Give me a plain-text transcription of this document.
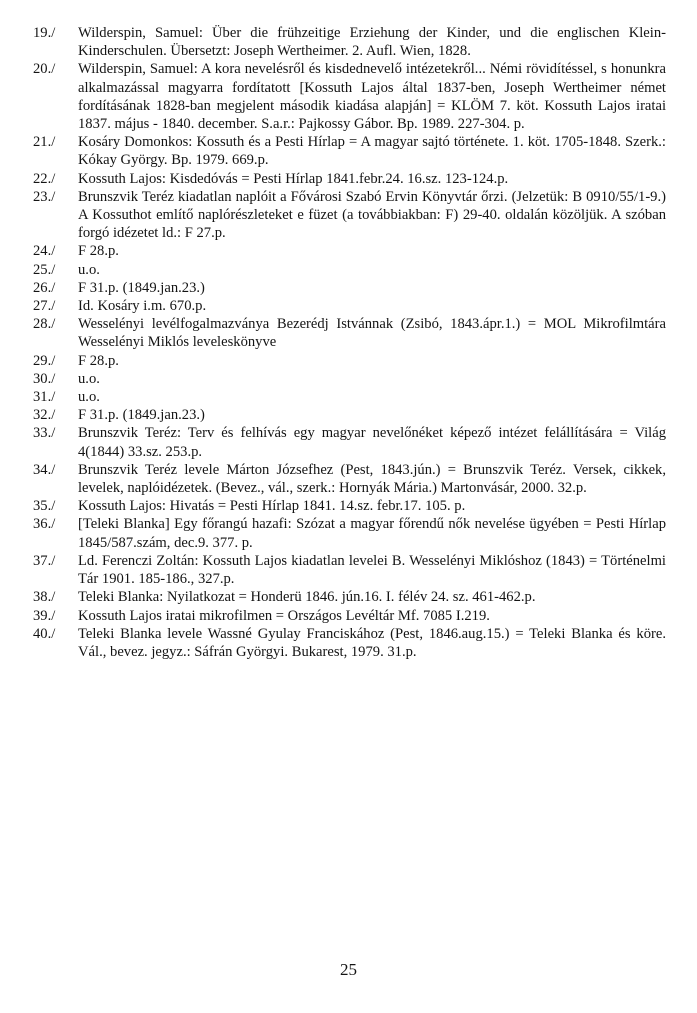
19./ Wilderspin, Samuel: Über die frühzeitige Erziehung der Kinder, und die englischen Klein-Kinderschulen. Übersetzt: Joseph Wertheimer. 2. Aufl. Wien, 1828.
20./ Wilderspin, Samuel: A kora nevelésről és kisdednevelő intézetekről... Némi rövidítéssel, s honunkra alkalmazással magyarra fordítatott [Kossuth Lajos által 1837-ben, Joseph Wertheimer német fordításának 1828-ban megjelent második kiadása alapján] = KLÖM 7. köt. Kossuth Lajos iratai 1837. május - 1840. december. S.a.r.: Pajkossy Gábor. Bp. 1989. 227-304. p.
21./ Kosáry Domonkos: Kossuth és a Pesti Hírlap = A magyar sajtó története. 1. köt. 1705-1848. Szerk.: Kókay György. Bp. 1979. 669.p.
22./ Kossuth Lajos: Kisdedóvás = Pesti Hírlap 1841.febr.24. 16.sz. 123-124.p.
23./ Brunszvik Teréz kiadatlan naplóit a Fővárosi Szabó Ervin Könyvtár őrzi. (Jelzetük: B 0910/55/1-9.) A Kossuthot említő naplórészleteket e füzet (a továbbiakban: F) 29-40. oldalán közöljük. A szóban forgó idézetet ld.: F 27.p.
24./ F 28.p.
25./ u.o.
26./ F 31.p. (1849.jan.23.)
27./ Id. Kosáry i.m. 670.p.
28./ Wesselényi levélfogalmazványa Bezerédj Istvánnak (Zsibó, 1843.ápr.1.) = MOL Mikrofilmtára Wesselényi Miklós leveleskönyve
29./ F 28.p.
30./ u.o.
31./ u.o.
32./ F 31.p. (1849.jan.23.)
33./ Brunszvik Teréz: Terv és felhívás egy magyar nevelőnéket képező intézet felállítására = Világ 4(1844) 33.sz. 253.p.
34./ Brunszvik Teréz levele Márton Józsefhez (Pest, 1843.jún.) = Brunszvik Teréz. Versek, cikkek, levelek, naplóidézetek. (Bevez., vál., szerk.: Hornyák Mária.) Martonvásár, 2000. 32.p.
35./ Kossuth Lajos: Hivatás = Pesti Hírlap 1841. 14.sz. febr.17. 105. p.
36./ [Teleki Blanka] Egy főrangú hazafi: Szózat a magyar főrendű nők nevelése ügyében = Pesti Hírlap 1845/587.szám, dec.9. 377. p.
37./ Ld. Ferenczi Zoltán: Kossuth Lajos kiadatlan levelei B. Wesselényi Miklóshoz (1843) = Történelmi Tár 1901. 185-186., 327.p.
38./ Teleki Blanka: Nyilatkozat = Honderü 1846. jún.16. I. félév 24. sz. 461-462.p.
39./ Kossuth Lajos iratai mikrofilmen = Országos Levéltár Mf. 7085 I.219.
40./ Teleki Blanka levele Wassné Gyulay Franciskához (Pest, 1846.aug.15.) = Teleki Blanka és köre. Vál., bevez. jegyz.: Sáfrán Györgyi. Bukarest, 1979. 31.p.
25
